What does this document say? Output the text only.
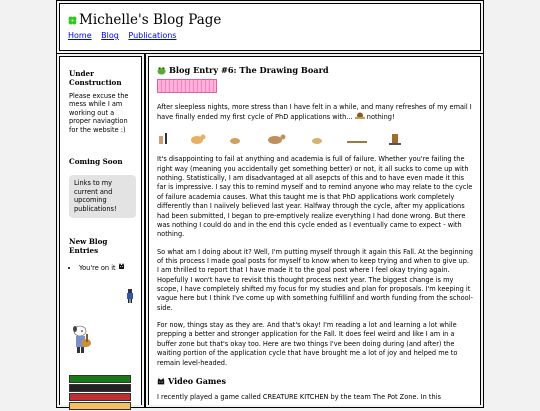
Michelle's Blog Page
Home Blog Publications

Under Construction

Please excuse the mess while I am working out a proper naviagtion for the website :)

Coming Soon

Links to my current and upcoming publications!

New Blog Entries

• You're on it
Blog Entry #6: The Drawing Board

After sleepless nights, more stress than I have felt in a while, and many refreshes of my email I have finally ended my first cycle of PhD applications with... nothing!

It's disappointing to fail at anything and academia is full of failure. Whether you're failing the right way (meaning you accidentally get something better) or not, it all sucks to come up with nothing. Statistically, I am disadvantaged at all asepcts of this and to have even made it this far is impressive. I say this to remind myself and to remind anyone who may relate to the cycle of failure academia causes. What this taught me is that PhD applications work completely differently than I naiively believed last year. Halfway through the cycle, after my applications had been submitted, I began to pre-emptively realize everything I had done wrong. But there was nothing I could do and in the end this cycle ended as I eventually came to expect - with nothing.

So what am I doing about it? Well, I'm putting myself through it again this Fall. At the beginning of this process I made goal posts for myself to know when to keep trying and when to give up. I am thrilled to report that I have made it to the goal post where I feel okay trying again. Hopefully I won't have to revisit this thought process next year. The biggest change is my scope, I have completely shifted my focus for my studies and plan for proposals. I'm keeping it vague here but I think I've come up with something fulfillinf and worth funding from the school-side.

For now, things stay as they are. And that's okay! I'm reading a lot and learning a lot while prepping a better and stronger application for the Fall. It does feel weird and like I am in a buffer zone but that's okay too. Here are two things I've been doing during (and after) the waiting portion of the application cycle that have brought me a lot of joy and helped me to remain level-headed.

Video Games

I recently played a game called CREATURE KITCHEN by the team The Pot Zone. In this
